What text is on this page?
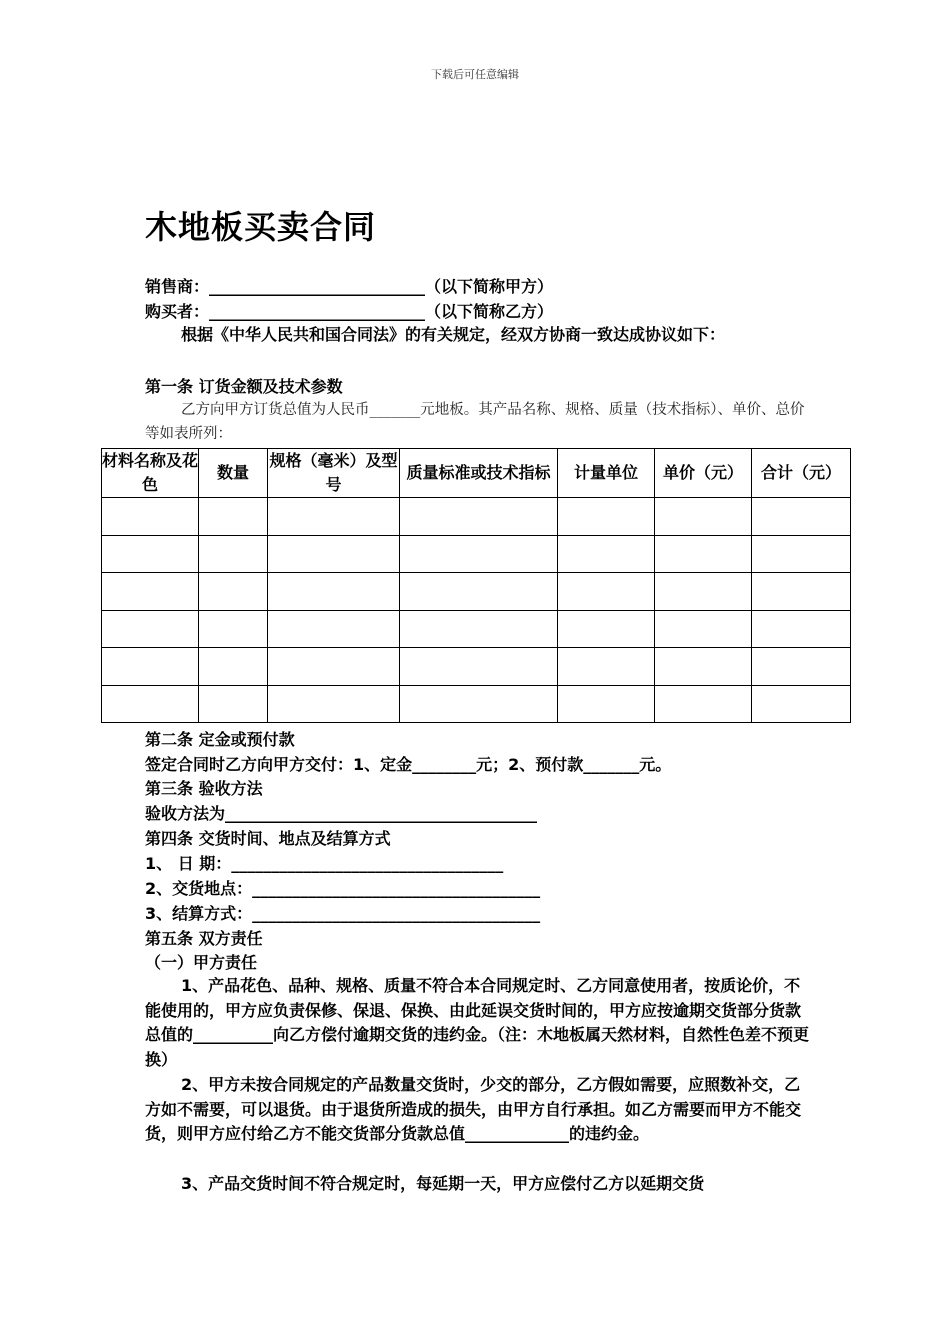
下载后可任意编辑
木地板买卖合同
销售商：___________________________（以下简称甲方）
购买者：___________________________（以下简称乙方）
根据《中华人民共和国合同法》的有关规定，经双方协商一致达成协议如下：
第一条 订货金额及技术参数
乙方向甲方订货总值为人民币_______元地板。其产品名称、规格、质量（技术指标）、单价、总价等如表所列：
材料名称及花色	数量	规格（毫米）及型号	质量标准或技术指标	计量单位	单价（元）	合计（元）

第二条 定金或预付款
签定合同时乙方向甲方交付：1、定金________元；2、预付款_______元。
第三条 验收方法
验收方法为_______________________________________
第四条 交货时间、地点及结算方式
1、 日 期：__________________________________
2、交货地点：____________________________________
3、结算方式：____________________________________
第五条 双方责任
（一）甲方责任
1、产品花色、品种、规格、质量不符合本合同规定时、乙方同意使用者，按质论价，不能使用的，甲方应负责保修、保退、保换、由此延误交货时间的，甲方应按逾期交货部分货款总值的__________向乙方偿付逾期交货的违约金。（注：木地板属天然材料，自然性色差不预更换）
2、甲方未按合同规定的产品数量交货时，少交的部分，乙方假如需要，应照数补交，乙方如不需要，可以退货。由于退货所造成的损失，由甲方自行承担。如乙方需要而甲方不能交货，则甲方应付给乙方不能交货部分货款总值_____________的违约金。
3、产品交货时间不符合规定时，每延期一天，甲方应偿付乙方以延期交货
